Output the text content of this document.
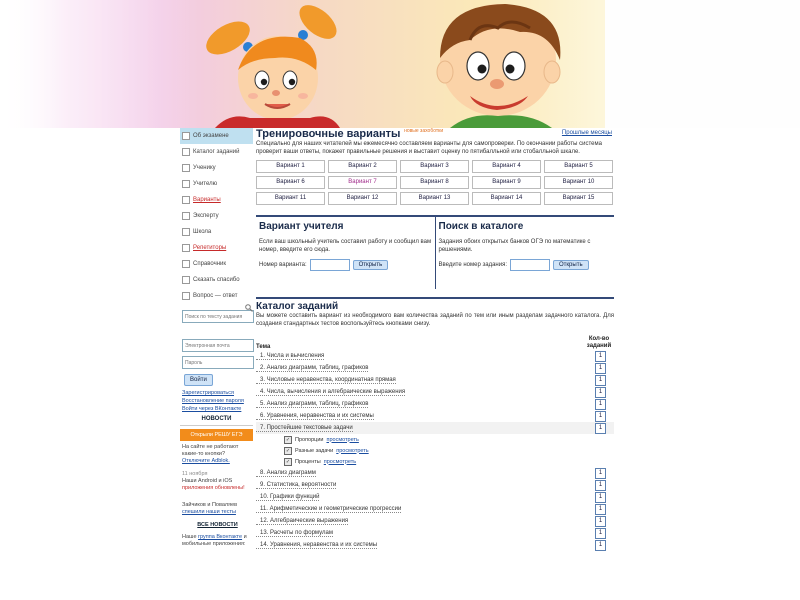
Об экзамене
Каталог заданий
Ученику
Учителю
Варианты
Эксперту
Школа
Репетиторы
Справочник
Сказать спасибо
Вопрос — ответ
Поиск по тексту задания
Электронная почта Пароль
Войти
Зарегистрироваться
Восстановление пароля
Войти через ВКонтакте
НОВОСТИ
Открыли РЕШУ ЕГЭ
На сайте не работают какие-то кнопки? Отключите Adblok.
11 ноября
Наши Android и iOS приложения обновлены!
Зайчиков и Поваляев спешили наши тесты
ВСЕ НОВОСТИ
Наше группа Вконтакте и мобильные приложения:
Прошлые месяцы
Тренировочные варианты $^{новые захоботки}$
Специально для наших читателей мы ежемесячно составляем варианты для самопроверки. По окончании работы система проверит ваши ответы, покажет правильные решения и выставит оценку по пятибалльной или стобалльной шкале.
Вариант 1	Вариант 2	Вариант 3	Вариант 4	Вариант 5
Вариант 6	Вариант 7	Вариант 8	Вариант 9	Вариант 10
Вариант 11	Вариант 12	Вариант 13	Вариант 14	Вариант 15
Вариант учителя
Если ваш школьный учитель составил работу и сообщил вам номер, введите его сюда.
Номер варианта:	Открыть
Поиск в каталоге
Задания обоих открытых банков ОГЭ по математике с решениями.
Введите номер задания:	Открыть
Каталог заданий
Вы можете составить вариант из необходимого вам количества заданий по тем или иным разделам задачного каталога. Для создания стандартных тестов воспользуйтесь кнопками снизу.
Тема
Кол-во заданий
1. Числа и вычисления	1
2. Анализ диаграмм, таблиц, графиков	1
3. Числовые неравенства, координатная прямая	1
4. Числа, вычисления и алгебраические выражения	1
5. Анализ диаграмм, таблиц, графиков	1
6. Уравнения, неравенства и их системы	1
7. Простейшие текстовые задачи	1
✓ Пропорции просмотреть
✓ Разные задачи просмотреть
✓ Проценты просмотреть
8. Анализ диаграмм	1
9. Статистика, вероятности	1
10. Графики функций	1
11. Арифметические и геометрические прогрессии	1
12. Алгебраические выражения	1
13. Расчеты по формулам	1
14. Уравнения, неравенства и их системы	1
